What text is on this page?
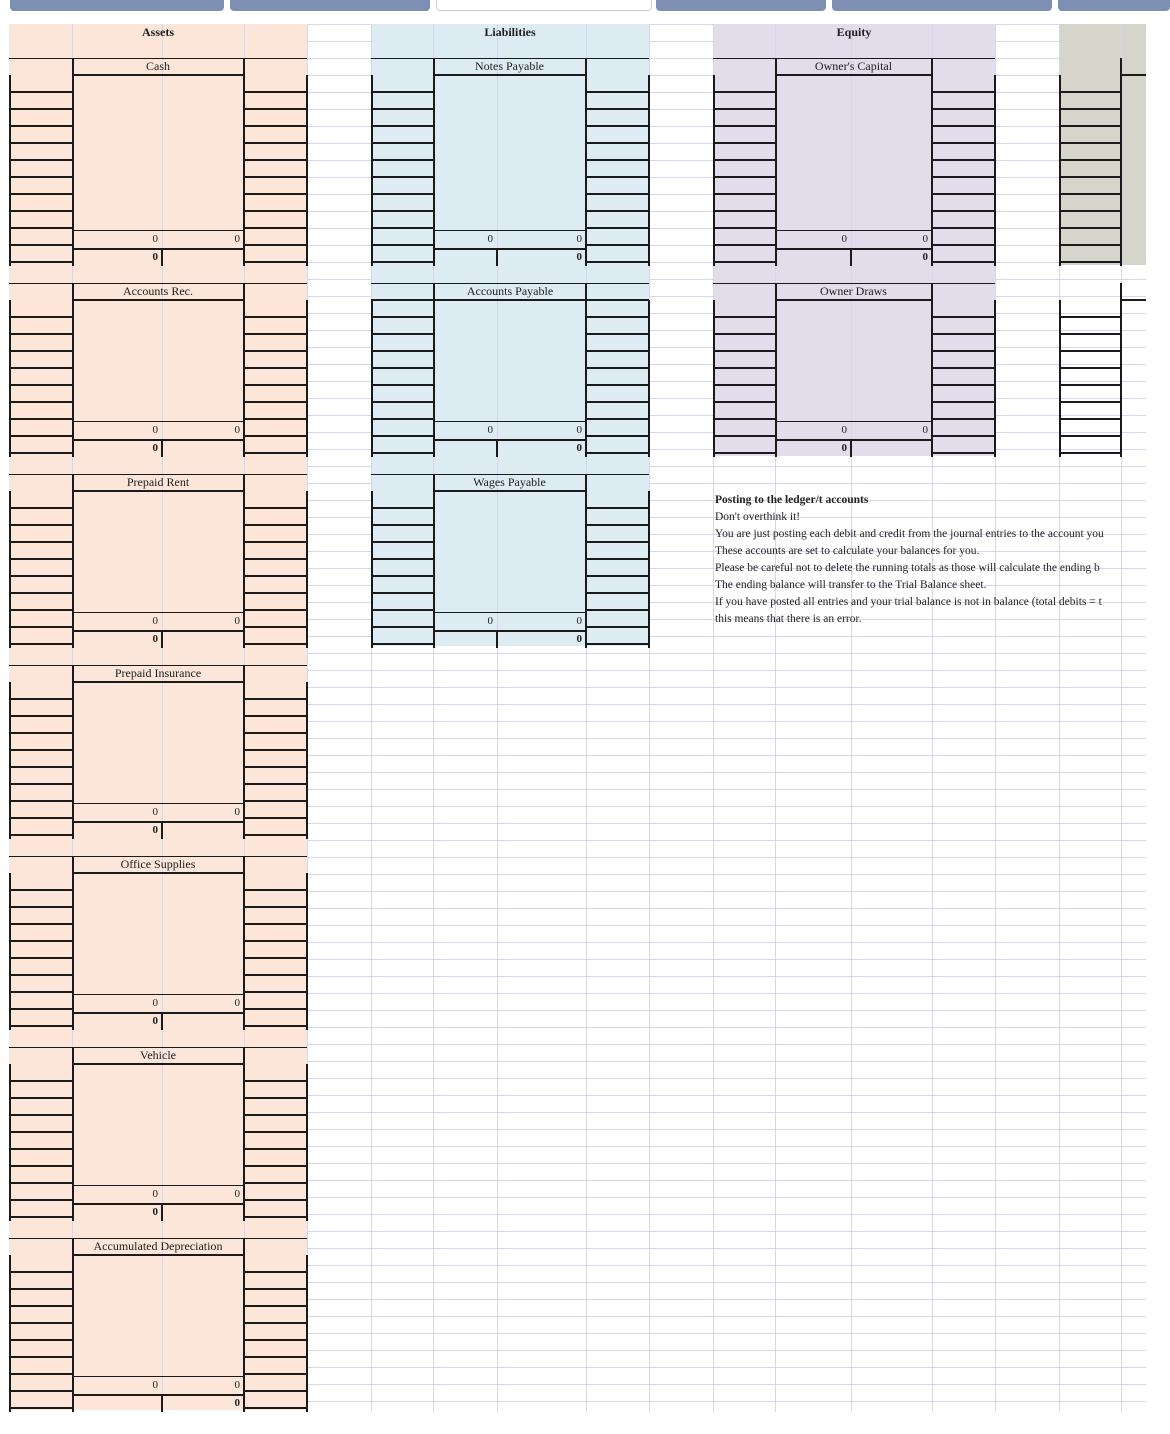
Assets	Liabilities	Equity
Cash
0	0
0
Accounts Rec.
0	0
0
Prepaid Rent
0	0
0
Prepaid Insurance
0	0
0
Office Supplies
0	0
0
Vehicle
0	0
0
Accumulated Depreciation
0	0
0
Notes Payable
0	0
0
Accounts Payable
0	0
0
Wages Payable
0	0
0
Owner's Capital
0	0
0
Owner Draws
0	0
0
Posting to the ledger/t accounts
Don't overthink it!
You are just posting each debit and credit from the journal entries to the account you
These accounts are set to calculate your balances for you.
Please be careful not to delete the running totals as those will calculate the ending b
The ending balance will transfer to the Trial Balance sheet.
If you have posted all entries and your trial balance is not in balance (total debits = t
this means that there is an error.
